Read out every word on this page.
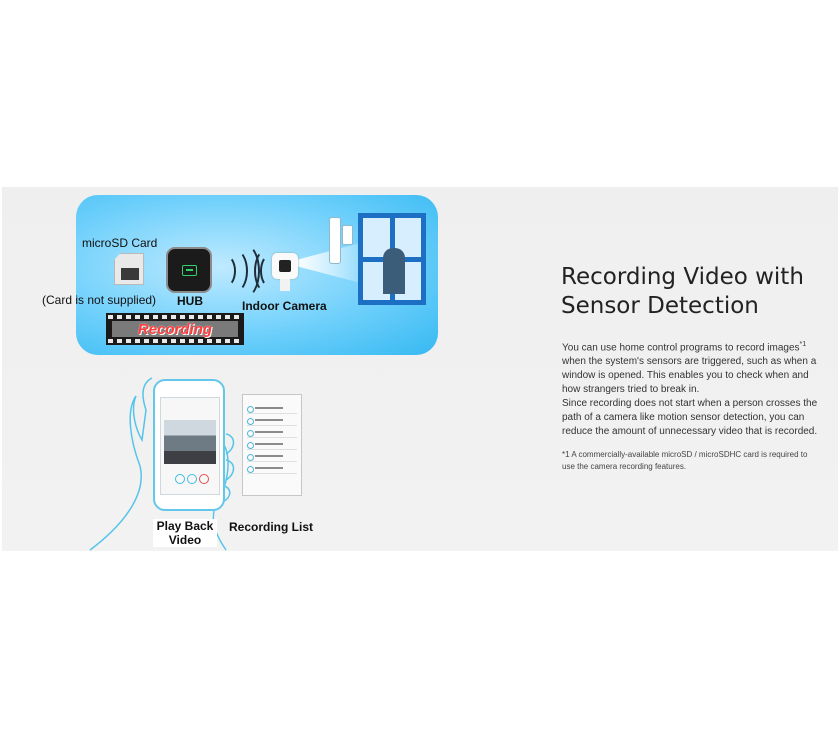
microSD Card
HUB	Indoor Camera
Recording
(Card is not supplied)
Play Back
Video
Recording List
Recording Video with
Sensor Detection
You can use home control programs to record images$^{*1}$ when the system's sensors are triggered, such as when a window is opened. This enables you to check when and how strangers tried to break in.
Since recording does not start when a person crosses the path of a camera like motion sensor detection, you can reduce the amount of unnecessary video that is recorded.
*1 A commercially-available microSD / microSDHC card is required to use the camera recording features.
